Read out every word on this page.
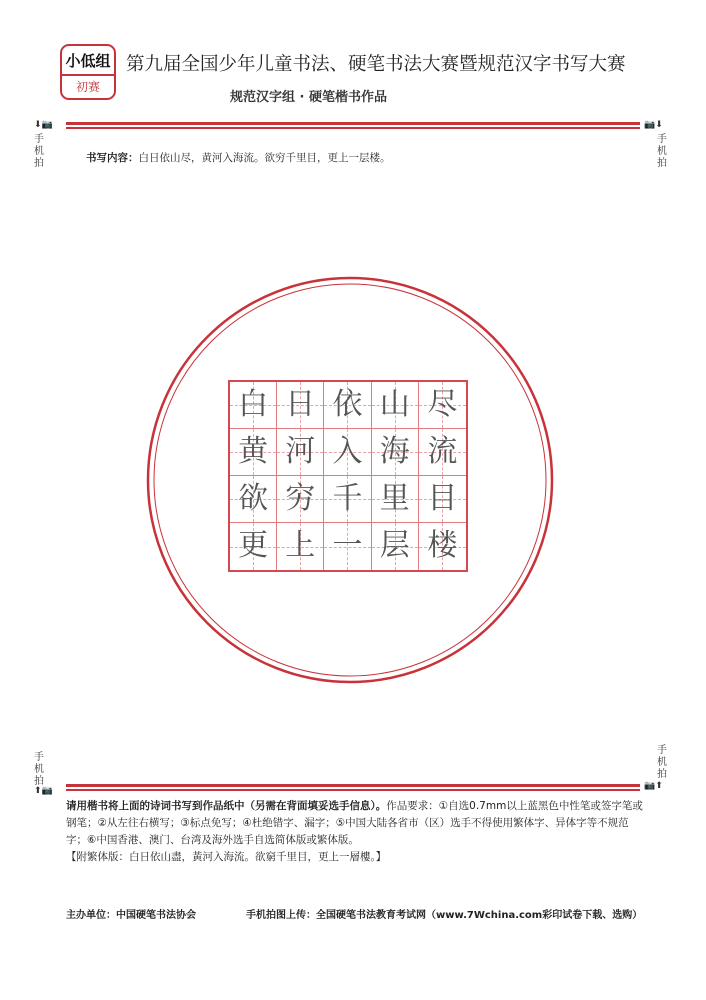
小低组
初赛
第九届全国少年儿童书法、硬笔书法大赛暨规范汉字书写大赛
规范汉字组 · 硬笔楷书作品
⬇📷	📷⬇
手机拍
手机拍
书写内容：白日依山尽，黄河入海流。欲穷千里目，更上一层楼。
白 日 依 山 尽
黄 河 入 海 流
欲 穷 千 里 目
更 上 一 层 楼
手机拍
手机拍
⬆📷	📷⬆
请用楷书将上面的诗词书写到作品纸中（另需在背面填妥选手信息）。作品要求：①自选0.7mm以上蓝黑色中性笔或签字笔或钢笔；②从左往右横写；③标点免写；④杜绝错字、漏字；⑤中国大陆各省市（区）选手不得使用繁体字、异体字等不规范字；⑥中国香港、澳门、台湾及海外选手自选简体版或繁体版。
【附繁体版：白日依山盡，黃河入海流。欲窮千里目，更上一層樓。】
主办单位：中国硬笔书法协会	手机拍图上传：全国硬笔书法教育考试网（www.7Wchina.com彩印试卷下载、选购）
